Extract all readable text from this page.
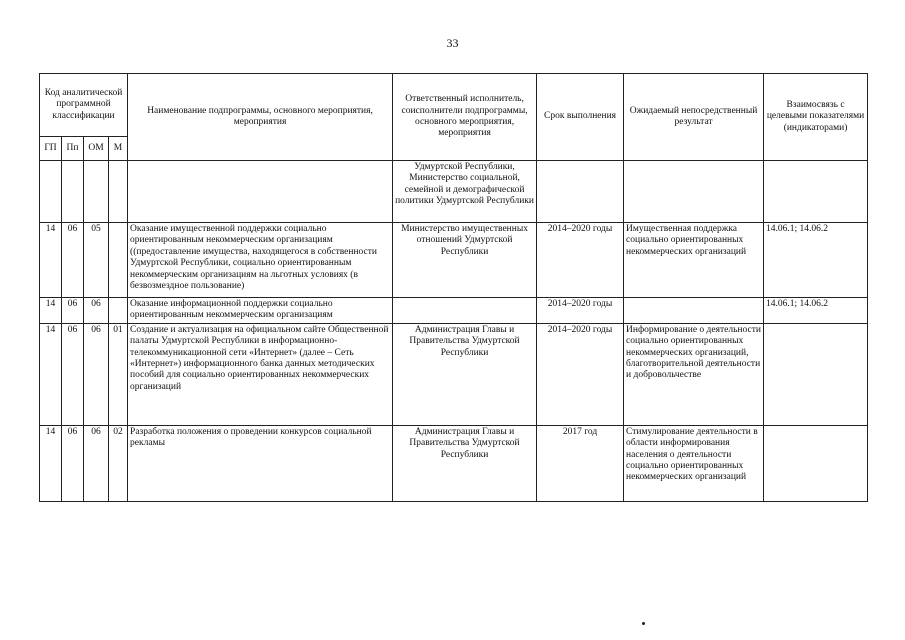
33
Код аналитической программной классификации				Наименование подпрограммы, основного мероприятия, мероприятия	Ответственный исполнитель, соисполнители подпрограммы, основного мероприятия, мероприятия	Срок выполнения	Ожидаемый непосредственный результат	Взаимосвязь с целевыми показателями (индикаторами)
ГП	Пп	ОМ	М					
					Удмуртской Республики, Министерство социальной, семейной и демографической политики Удмуртской Республики			
14	06	05		Оказание имущественной поддержки социально ориентированным некоммерческим организациям ((предоставление имущества, находящегося в собственности Удмуртской Республики, социально ориентированным некоммерческим организациям на льготных условиях (в безвозмездное пользование)	Министерство имущественных отношений Удмуртской Республики	2014–2020 годы	Имущественная поддержка социально ориентированных некоммерческих организаций	14.06.1; 14.06.2
14	06	06		Оказание информационной поддержки социально ориентированным некоммерческим организациям		2014–2020 годы		14.06.1; 14.06.2
14	06	06	01	Создание и актуализация на официальном сайте Общественной палаты Удмуртской Республики в информационно-телекоммуникационной сети «Интернет» (далее – Сеть «Интернет») информационного банка данных методических пособий для социально ориентированных некоммерческих организаций	Администрация Главы и Правительства Удмуртской Республики	2014–2020 годы	Информирование о деятельности социально ориентированных некоммерческих организаций, благотворительной деятельности и добровольчестве	
14	06	06	02	Разработка положения о проведении конкурсов социальной рекламы	Администрация Главы и Правительства Удмуртской Республики	2017 год	Стимулирование деятельности в области информирования населения о деятельности социально ориентированных некоммерческих организаций	
